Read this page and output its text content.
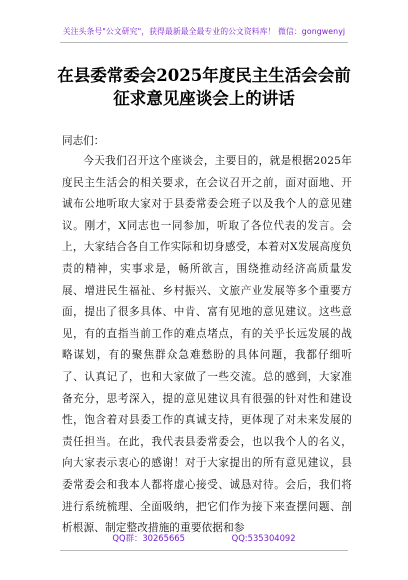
关注头条号"公文研究"，获得最新最全最专业的公文资料库！ 微信：gongwenyj
在县委常委会2025年度民主生活会会前
征求意见座谈会上的讲话
同志们：

今天我们召开这个座谈会，主要目的，就是根据2025年度民主生活会的相关要求，在会议召开之前，面对面地、开诚布公地听取大家对于县委常委会班子以及我个人的意见建议。刚才，X同志也一同参加，听取了各位代表的发言。会上，大家结合各自工作实际和切身感受，本着对X发展高度负责的精神，实事求是，畅所欲言，围绕推动经济高质量发展、增进民生福祉、乡村振兴、文旅产业发展等多个重要方面，提出了很多具体、中肯、富有见地的意见建议。这些意见，有的直指当前工作的难点堵点，有的关乎长远发展的战略谋划，有的聚焦群众急难愁盼的具体问题，我都仔细听了、认真记了，也和大家做了一些交流。总的感到，大家准备充分，思考深入，提的意见建议具有很强的针对性和建设性，饱含着对县委工作的真诚支持，更体现了对未来发展的责任担当。在此，我代表县委常委会，也以我个人的名义，向大家表示衷心的感谢！对于大家提出的所有意见建议，县委常委会和我本人都将虚心接受、诚恳对待。会后，我们将进行系统梳理、全面吸纳，把它们作为接下来查摆问题、剖析根源、制定整改措施的重要依据和参

QQ群：30265665	QQ:535304092
